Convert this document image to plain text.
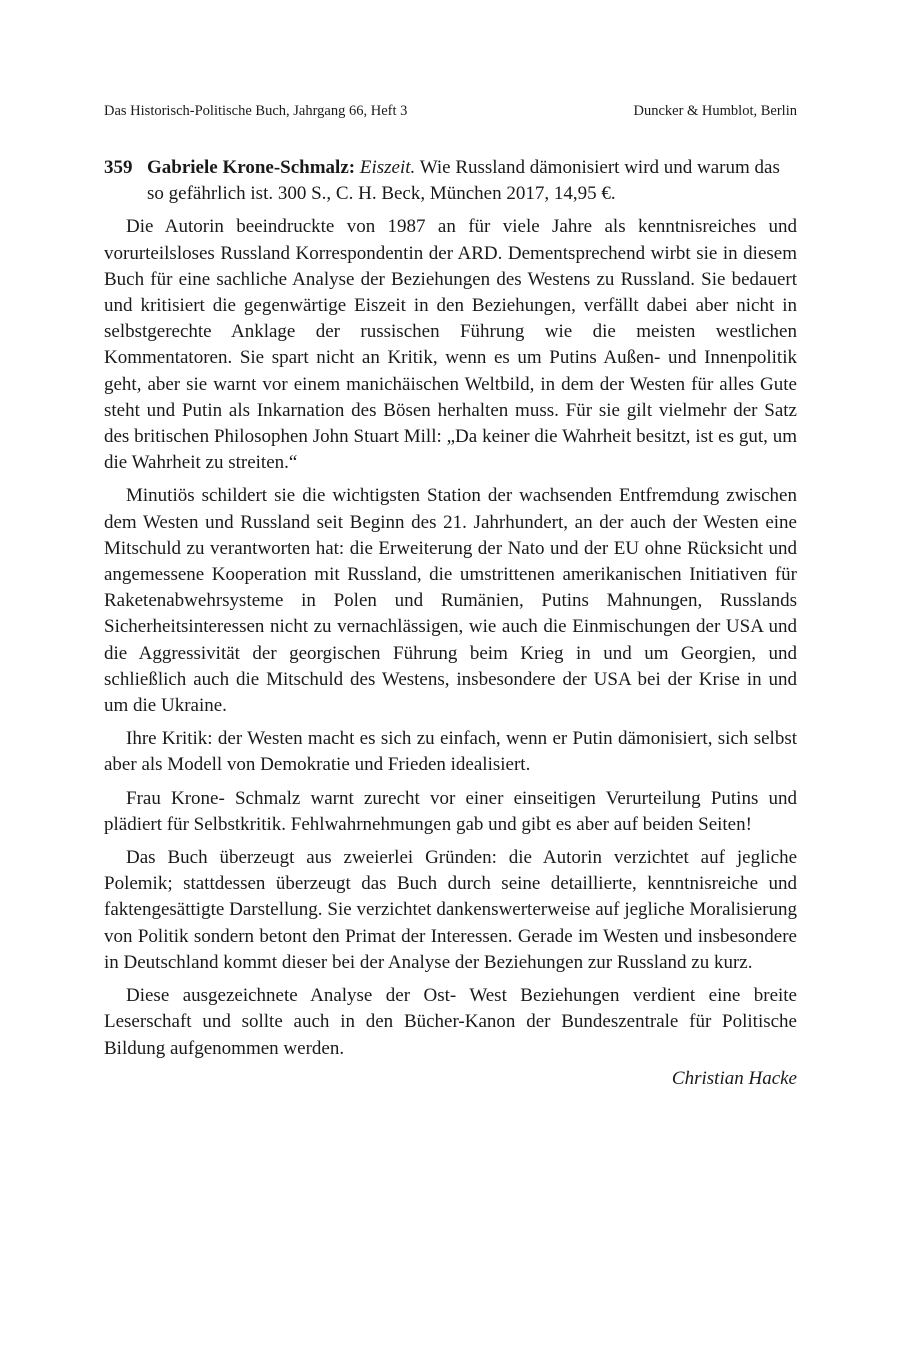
Das Historisch-Politische Buch, Jahrgang 66, Heft 3	Duncker & Humblot, Berlin
359 Gabriele Krone-Schmalz: Eiszeit. Wie Russland dämonisiert wird und warum das so gefährlich ist. 300 S., C. H. Beck, München 2017, 14,95 €.

Die Autorin beeindruckte von 1987 an für viele Jahre als kenntnisreiches und vorurteilsloses Russland Korrespondentin der ARD. Dementsprechend wirbt sie in diesem Buch für eine sachliche Analyse der Beziehungen des Westens zu Russland. Sie bedauert und kritisiert die gegenwärtige Eiszeit in den Beziehungen, verfällt dabei aber nicht in selbstgerechte Anklage der russischen Führung wie die meisten westlichen Kommentatoren. Sie spart nicht an Kritik, wenn es um Putins Außen- und Innenpolitik geht, aber sie warnt vor einem manichäischen Weltbild, in dem der Westen für alles Gute steht und Putin als Inkarnation des Bösen herhalten muss. Für sie gilt vielmehr der Satz des britischen Philosophen John Stuart Mill: „Da keiner die Wahrheit besitzt, ist es gut, um die Wahrheit zu streiten.“

Minutiös schildert sie die wichtigsten Station der wachsenden Entfremdung zwischen dem Westen und Russland seit Beginn des 21. Jahrhundert, an der auch der Westen eine Mitschuld zu verantworten hat: die Erweiterung der Nato und der EU ohne Rücksicht und angemessene Kooperation mit Russland, die umstrittenen amerikanischen Initiativen für Raketenabwehrsysteme in Polen und Rumänien, Putins Mahnungen, Russlands Sicherheitsinteressen nicht zu vernachlässigen, wie auch die Einmischungen der USA und die Aggressivität der georgischen Führung beim Krieg in und um Georgien, und schließlich auch die Mitschuld des Westens, insbesondere der USA bei der Krise in und um die Ukraine.

Ihre Kritik: der Westen macht es sich zu einfach, wenn er Putin dämonisiert, sich selbst aber als Modell von Demokratie und Frieden idealisiert.

Frau Krone- Schmalz warnt zurecht vor einer einseitigen Verurteilung Putins und plädiert für Selbstkritik. Fehlwahrnehmungen gab und gibt es aber auf beiden Seiten!

Das Buch überzeugt aus zweierlei Gründen: die Autorin verzichtet auf jegliche Polemik; stattdessen überzeugt das Buch durch seine detaillierte, kenntnisreiche und faktengesättigte Darstellung. Sie verzichtet dankenswerterweise auf jegliche Moralisierung von Politik sondern betont den Primat der Interessen. Gerade im Westen und insbesondere in Deutschland kommt dieser bei der Analyse der Beziehungen zur Russland zu kurz.

Diese ausgezeichnete Analyse der Ost- West Beziehungen verdient eine breite Leserschaft und sollte auch in den Bücher-Kanon der Bundeszentrale für Politische Bildung aufgenommen werden.

Christian Hacke
